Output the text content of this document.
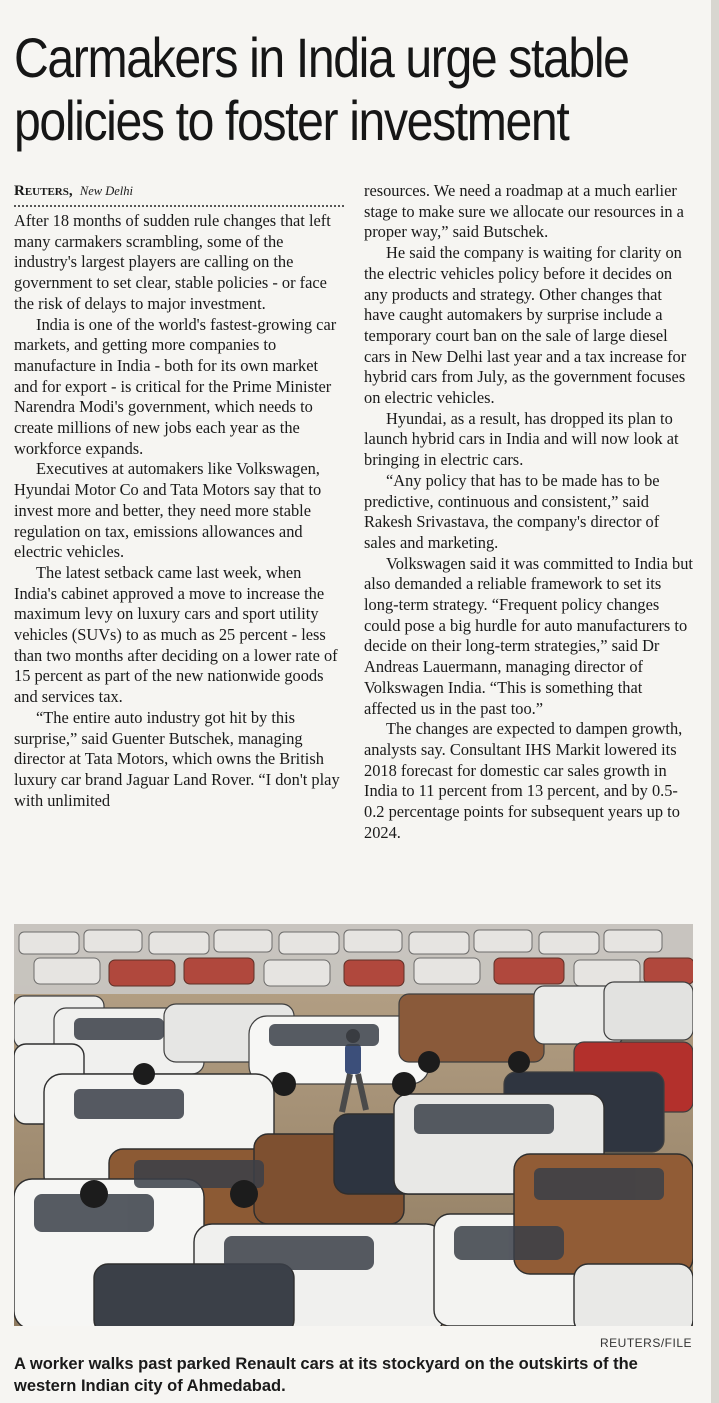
Carmakers in India urge stable
policies to foster investment
Reuters, New Delhi

After 18 months of sudden rule changes that left many carmakers scrambling, some of the industry's largest players are calling on the government to set clear, stable policies - or face the risk of delays to major investment.

India is one of the world's fastest-growing car markets, and getting more companies to manufacture in India - both for its own market and for export - is critical for the Prime Minister Narendra Modi's government, which needs to create millions of new jobs each year as the workforce expands.

Executives at automakers like Volkswagen, Hyundai Motor Co and Tata Motors say that to invest more and better, they need more stable regulation on tax, emissions allowances and electric vehicles.

The latest setback came last week, when India's cabinet approved a move to increase the maximum levy on luxury cars and sport utility vehicles (SUVs) to as much as 25 percent - less than two months after deciding on a lower rate of 15 percent as part of the new nationwide goods and services tax.

“The entire auto industry got hit by this surprise,” said Guenter Butschek, managing director at Tata Motors, which owns the British luxury car brand Jaguar Land Rover. “I don't play with unlimited

resources. We need a roadmap at a much earlier stage to make sure we allocate our resources in a proper way,” said Butschek.

He said the company is waiting for clarity on the electric vehicles policy before it decides on any products and strategy. Other changes that have caught automakers by surprise include a temporary court ban on the sale of large diesel cars in New Delhi last year and a tax increase for hybrid cars from July, as the government focuses on electric vehicles.

Hyundai, as a result, has dropped its plan to launch hybrid cars in India and will now look at bringing in electric cars.

“Any policy that has to be made has to be predictive, continuous and consistent,” said Rakesh Srivastava, the company's director of sales and marketing.

Volkswagen said it was committed to India but also demanded a reliable framework to set its long-term strategy. “Frequent policy changes could pose a big hurdle for auto manufacturers to decide on their long-term strategies,” said Dr Andreas Lauermann, managing director of Volkswagen India. “This is something that affected us in the past too.”

The changes are expected to dampen growth, analysts say. Consultant IHS Markit lowered its 2018 forecast for domestic car sales growth in India to 11 percent from 13 percent, and by 0.5-0.2 percentage points for subsequent years up to 2024.

REUTERS/FILE
A worker walks past parked Renault cars at its stockyard on the outskirts of the western Indian city of Ahmedabad.
